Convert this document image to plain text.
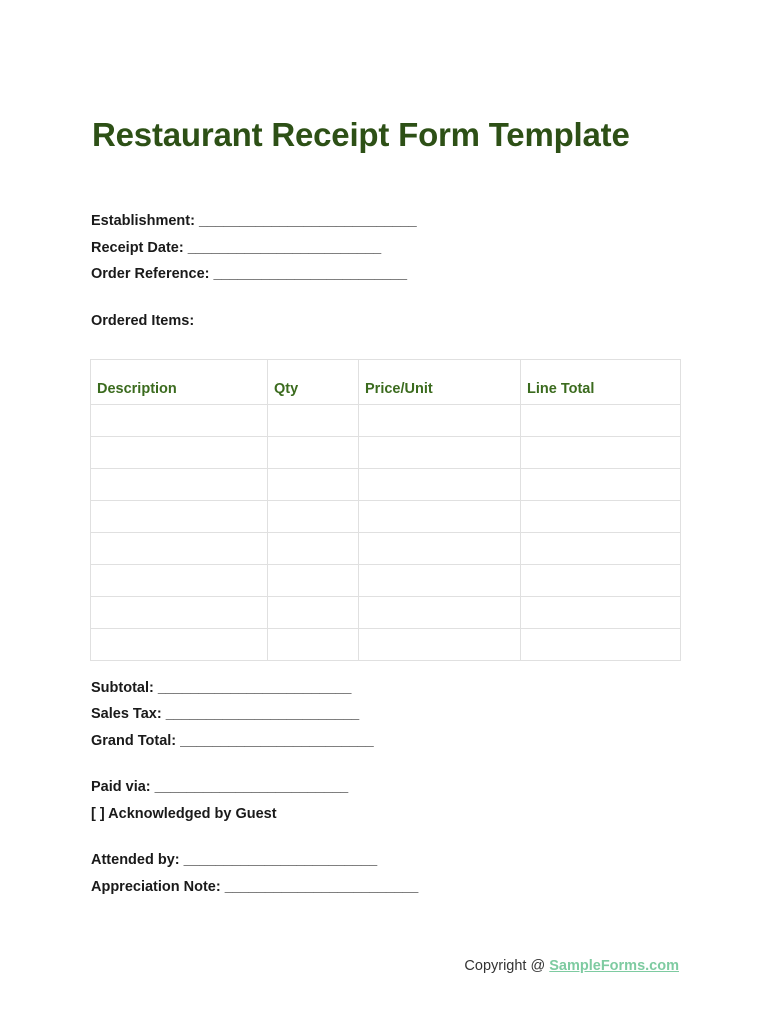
Restaurant Receipt Form Template
Establishment: ___________________________
Receipt Date: ________________________
Order Reference: ________________________
Ordered Items:
Description	Qty	Price/Unit	Line Total

Subtotal: ________________________
Sales Tax: ________________________
Grand Total: ________________________
Paid via: ________________________
[ ] Acknowledged by Guest
Attended by: ________________________
Appreciation Note: ________________________
Copyright @ SampleForms.com
